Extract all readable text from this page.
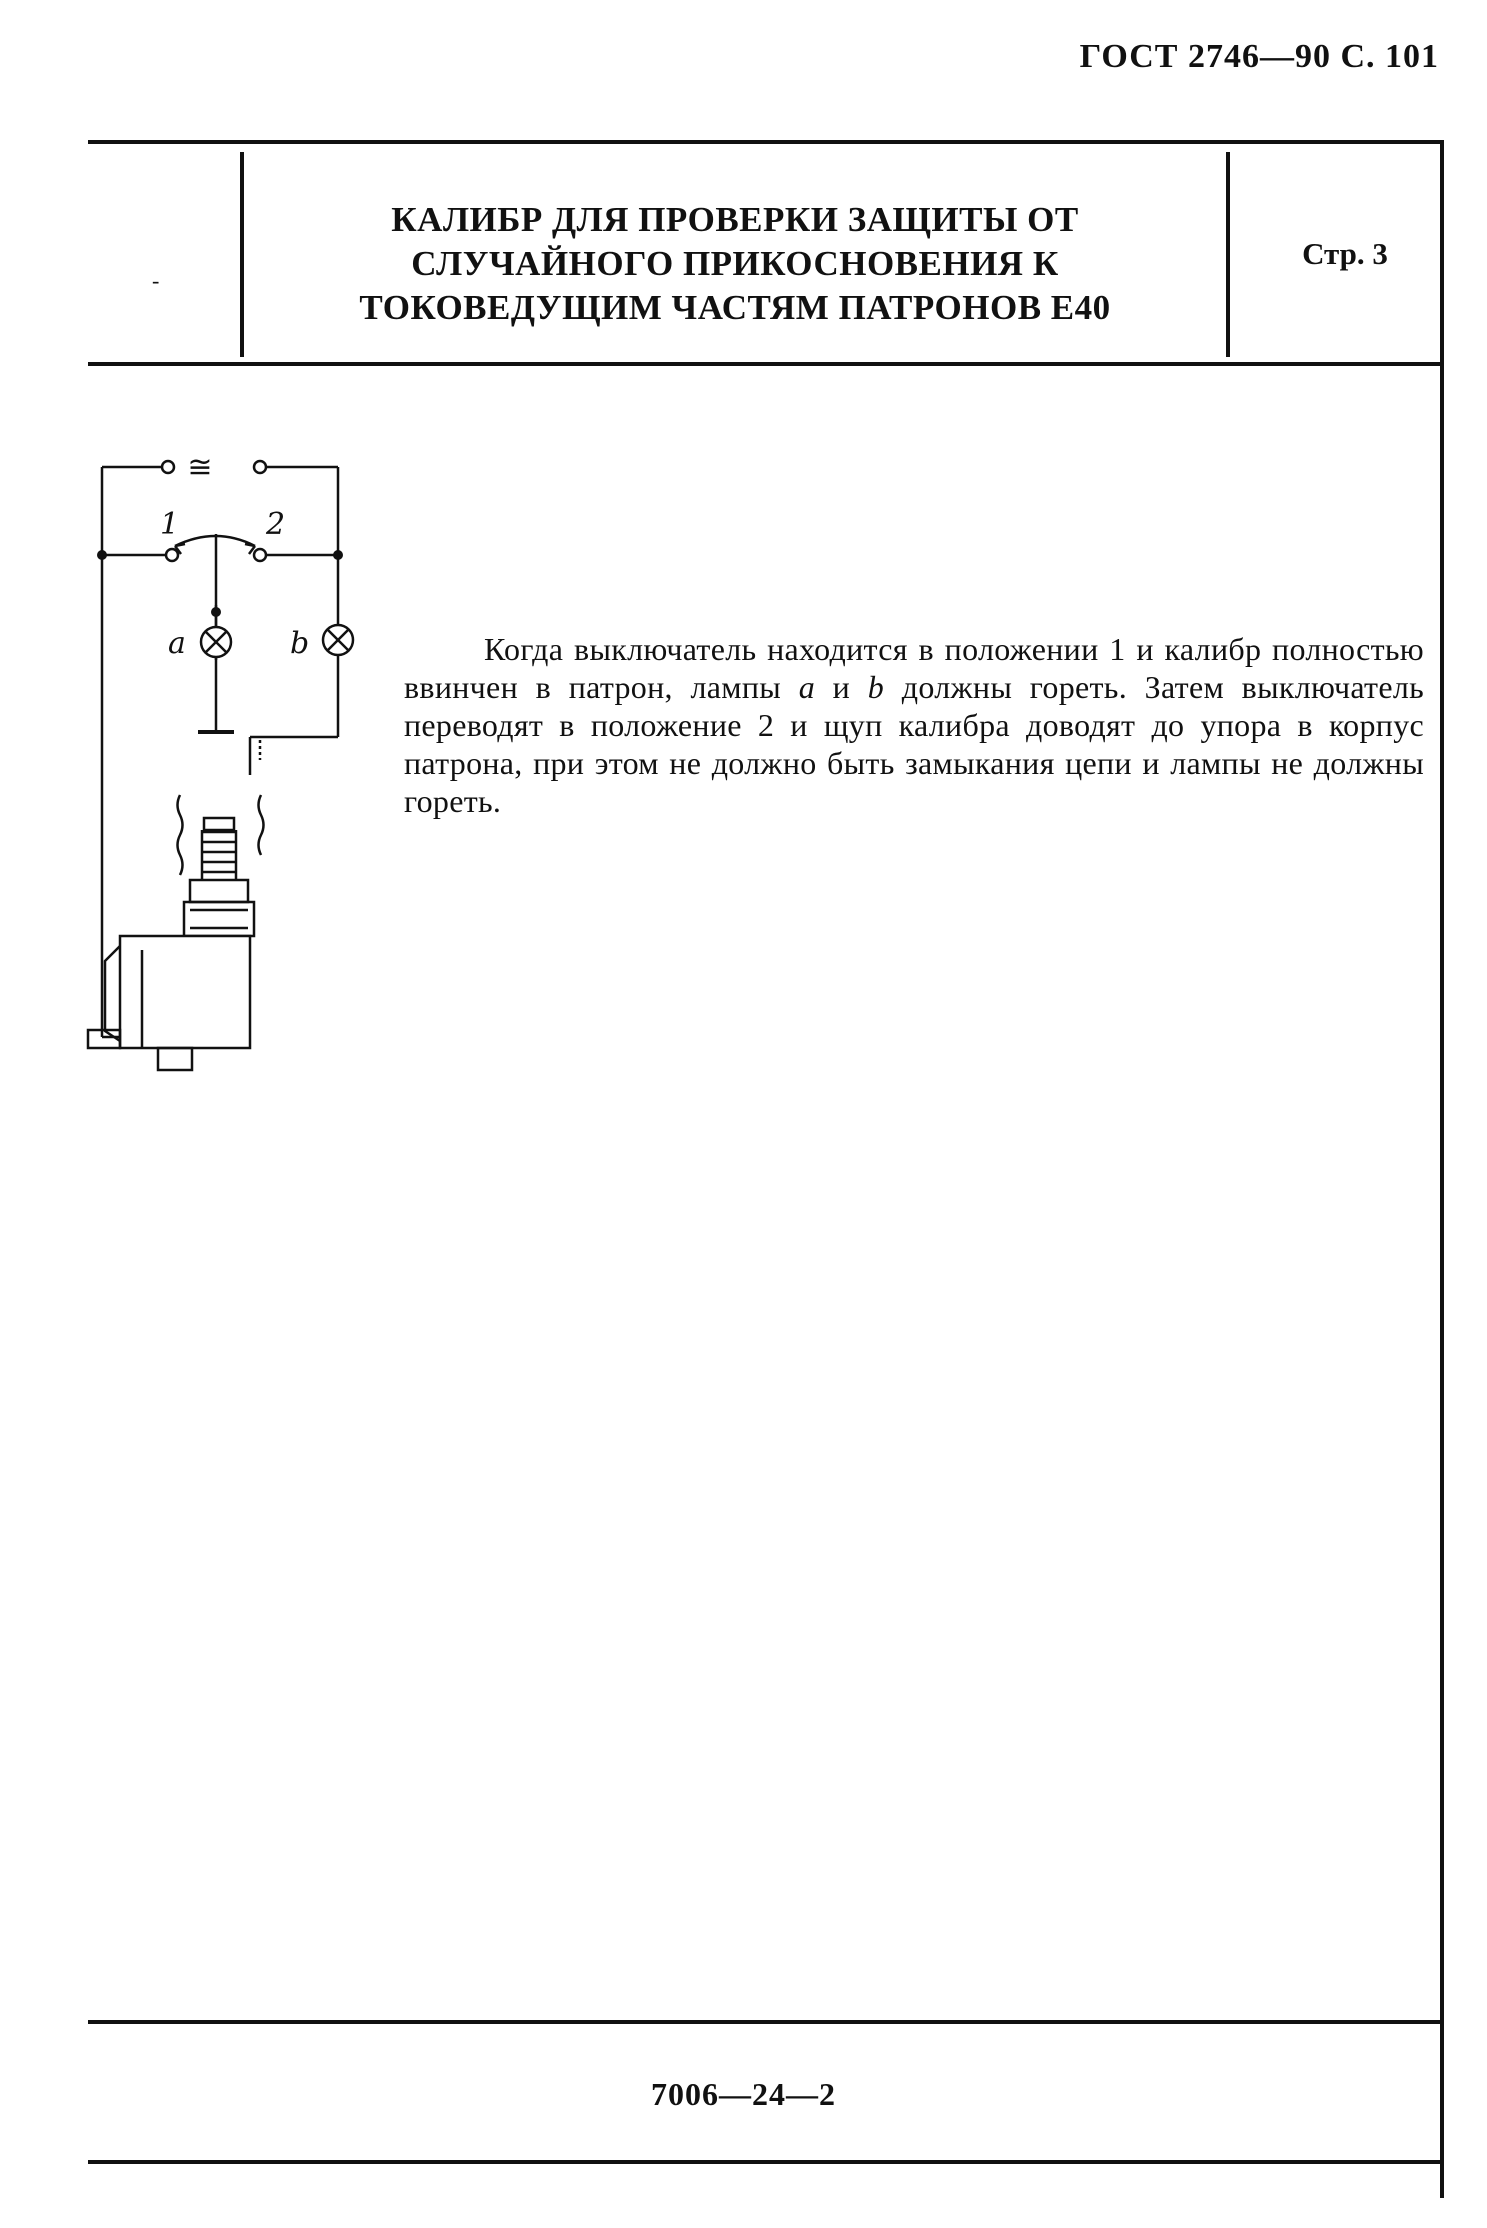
ГОСТ 2746—90 С. 101
-
КАЛИБР ДЛЯ ПРОВЕРКИ ЗАЩИТЫ ОТ
СЛУЧАЙНОГО ПРИКОСНОВЕНИЯ К
ТОКОВЕДУЩИМ ЧАСТЯМ ПАТРОНОВ Е40
Стр. 3
≅
1	2
a	b	Когда выключатель находится в положении 1 и калибр полностью ввинчен в патрон, лампы a и b должны гореть. Затем выключатель переводят в положение 2 и щуп калибра доводят до упора в корпус патрона, при этом не должно быть замыкания цепи и лампы не должны гореть.
7006—24—2
